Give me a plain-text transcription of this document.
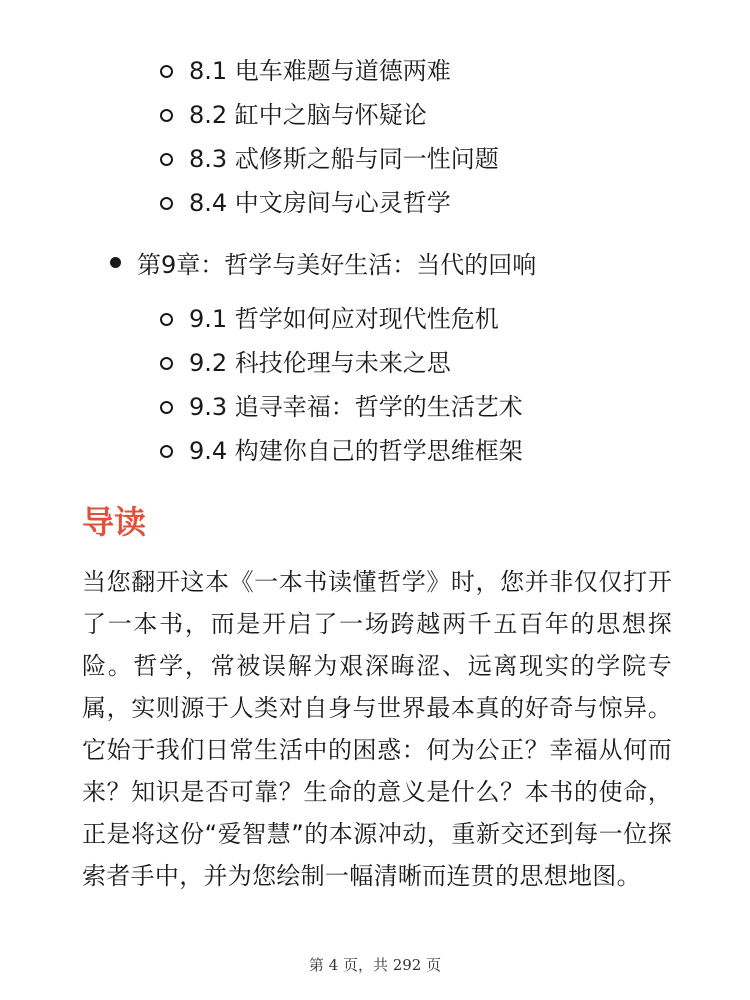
8.1 电车难题与道德两难
8.2 缸中之脑与怀疑论
8.3 忒修斯之船与同一性问题
8.4 中文房间与心灵哲学
第9章：哲学与美好生活：当代的回响
9.1 哲学如何应对现代性危机
9.2 科技伦理与未来之思
9.3 追寻幸福：哲学的生活艺术
9.4 构建你自己的哲学思维框架
导读

当您翻开这本《一本书读懂哲学》时，您并非仅仅打开了一本书，而是开启了一场跨越两千五百年的思想探险。哲学，常被误解为艰深晦涩、远离现实的学院专属，实则源于人类对自身与世界最本真的好奇与惊异。它始于我们日常生活中的困惑：何为公正？幸福从何而来？知识是否可靠？生命的意义是什么？本书的使命，正是将这份“爱智慧”的本源冲动，重新交还到每一位探索者手中，并为您绘制一幅清晰而连贯的思想地图。

第 4 页，共 292 页
